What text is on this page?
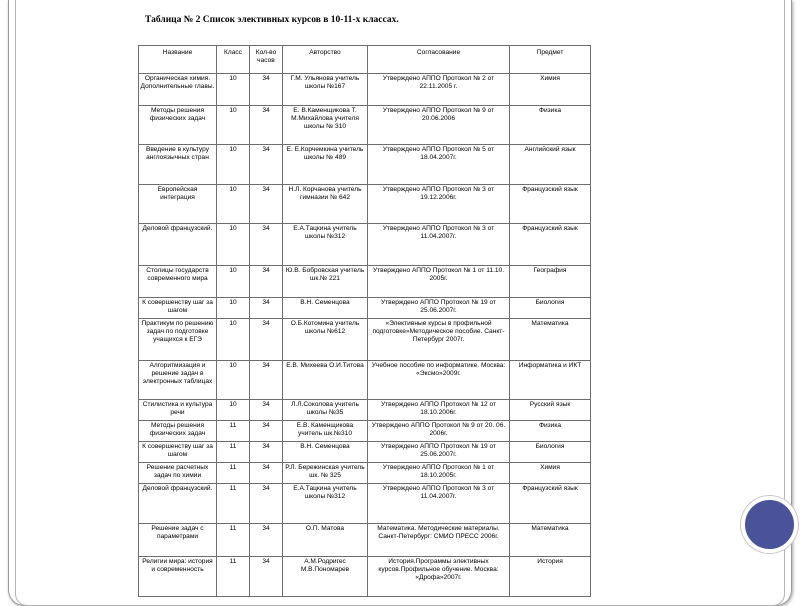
Таблица № 2 Список элективных курсов в 10-11-х классах.
Название	Класс	Кол-во часов	Авторство	Согласование	Предмет
Органическая химия. Дополнительные главы.	10	34	Г.М. Ульянова учитель школы №167	Утверждено АППО Протокол № 2 от 22.11.2005 г.	Химия
Методы решения физических задач	10	34	Е. В.Каменщикова Т. М.Михайлова учителя школы № 310	Утверждено АППО Протокол № 9 от 20.06.2006	Физика
Введение в культуру англоязычных стран	10	34	Е. Е.Корчемкина учитель школы № 489	Утверждено АППО Протокол № 5 от 18.04.2007г.	Английский язык
Европейская интеграция	10	34	Н.Л. Корчанова учитель гимназии № 642	Утверждено АППО Протокол № 3 от 19.12.2006г.	Французский язык
Деловой французский.	10	34	Е.А.Тацкина учитель школы №312	Утверждено АППО Протокол № 3 от 11.04.2007г.	Французский язык
Столицы государств современного мира	10	34	Ю.В. Бобровская учитель шк.№ 221	Утверждено АППО Протокол № 1 от 11.10. 2005г.	География
К совершенству шаг за шагом	10	34	В.Н. Семенцова	Утверждено АППО Протокол № 19 от 25.06.2007г.	Биология
Практикум по решению задач по подготовке учащихся к ЕГЭ	10	34	О.Б.Котомина учитель школы №612	«Элективные курсы в профильной подготовке»Методическое пособие. Санкт-Петербург 2007г.	Математика
Алгоритмизация и решение задач в электронных таблицах	10	34	Е.В. Михеева О.И.Титова	Учебное пособие по информатике. Москва: «Эксмо»2009г.	Информатика и ИКТ
Стилистика и культура речи	10	34	Л.Л.Соколова учитель школы №35	Утверждено АППО Протокол № 12 от 18.10.2006г.	Русский язык
Методы решения физических задач	11	34	Е.В. Каменщикова учитель шк.№310	Утверждено АППО Протокол № 9 от 20. 06. 2006г.	Физика
К совершенству шаг за шагом	11	34	В.Н. Семенцова	Утверждено АППО Протокол № 19 от 25.06.2007г.	Биология
Решение расчетных задач по химии	11	34	Р.Л. Бережинская учитель шк. № 325	Утверждено АППО Протокол № 1 от 18.10.2005г.	Химия
Деловой французский.	11	34	Е.А.Тацкина учитель школы №312	Утверждено АППО Протокол № 3 от 11.04.2007г.	Французский язык
Решение задач с параметрами	11	34	О.П. Матова	Математика. Методические материалы. Санкт-Петербург: СМИО ПРЕСС 2006г.	Математика
Религии мира: история и современность	11	34	А.М.Родригес М.В.Пономарев	История.Программы элективных курсов.Профильное обучение. Москва: «Дрофа»2007г.	История
